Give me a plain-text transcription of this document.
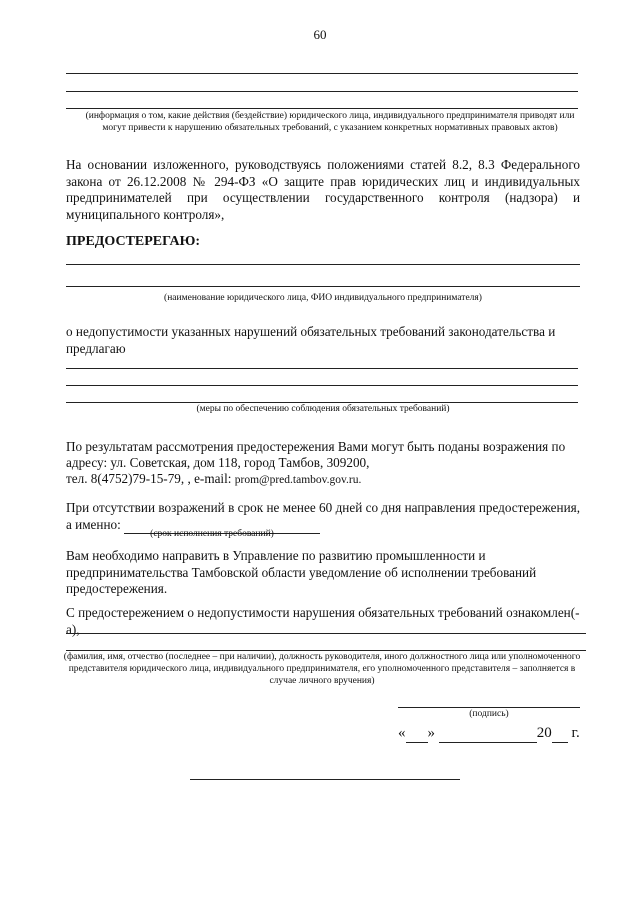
60
(информация о том, какие действия (бездействие) юридического лица, индивидуального предпринимателя приводят или могут привести к нарушению обязательных требований, с указанием конкретных нормативных правовых актов)
На основании изложенного, руководствуясь положениями статей 8.2, 8.3 Федерального закона от 26.12.2008 № 294-ФЗ «О защите прав юридических лиц и индивидуальных предпринимателей при осуществлении государственного контроля (надзора) и муниципального контроля»,
ПРЕДОСТЕРЕГАЮ:
(наименование юридического лица, ФИО индивидуального предпринимателя)
о недопустимости указанных нарушений обязательных требований законодательства и предлагаю
(меры по обеспечению соблюдения обязательных требований)
По результатам рассмотрения предостережения Вами могут быть поданы возражения по
адресу: ул. Советская, дом 118, город Тамбов, 309200,
тел. 8(4752)79-15-79, , e-mail: prom@pred.tambov.gov.ru.
При отсутствии возражений в срок не менее 60 дней со дня направления предостережения, а именно:
(срок исполнения требований)
Вам необходимо направить в Управление по развитию промышленности и предпринимательства Тамбовской области уведомление об исполнении требований предостережения.
С предостережением о недопустимости нарушения обязательных требований ознакомлен(-а),
(фамилия, имя, отчество (последнее – при наличии), должность руководителя, иного должностного лица или уполномоченного представителя юридического лица, индивидуального предпринимателя, его уполномоченного представителя – заполняется в случае личного вручения)
(подпись)
« »	20 г.
